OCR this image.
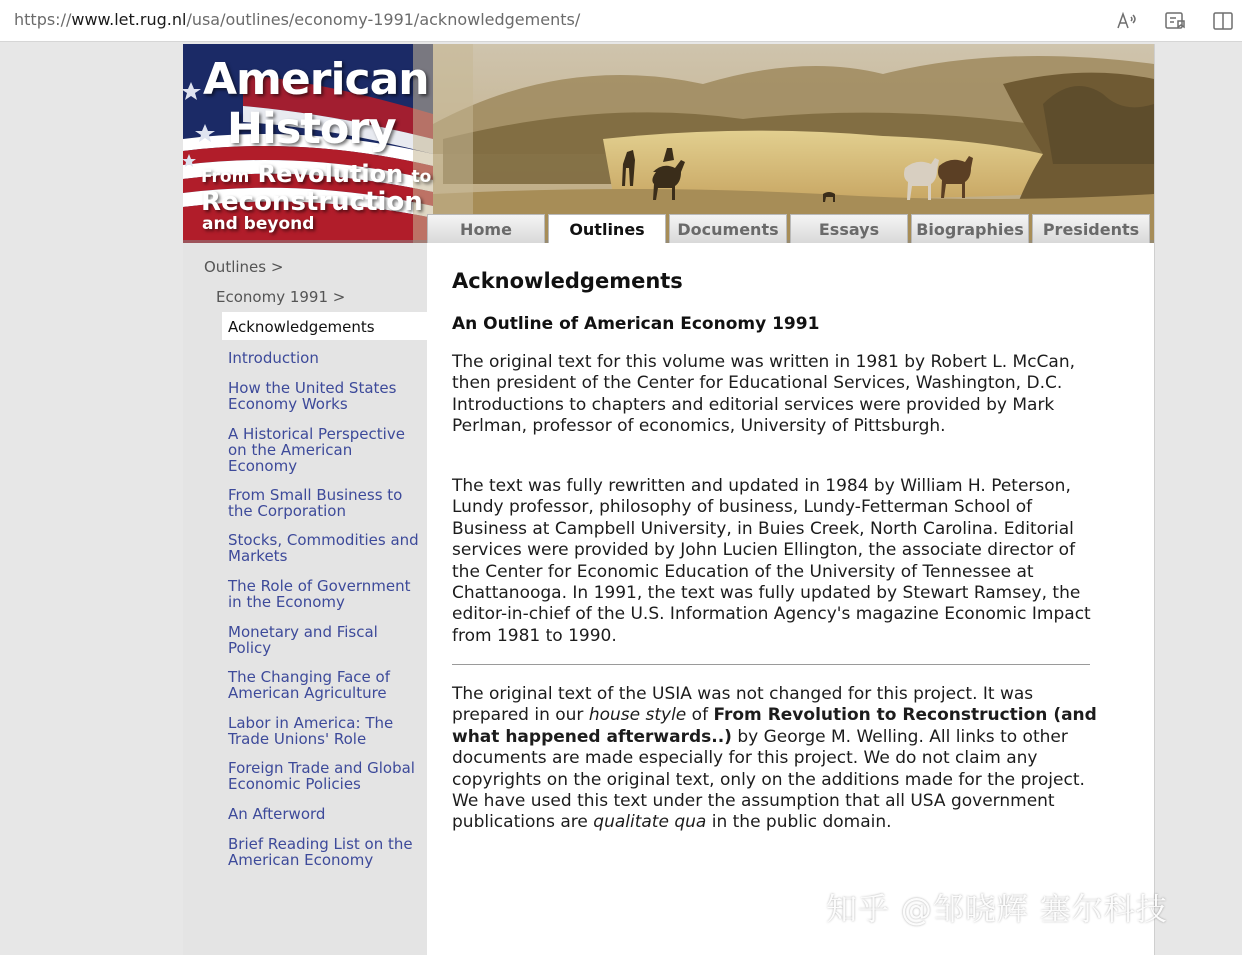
https://www.let.rug.nl/usa/outlines/economy-1991/acknowledgements/
American
History
From Revolution to
Reconstruction
and beyond	Home	Outlines	Documents	Essays	Biographies	Presidents
Outlines >
Economy 1991 >
Acknowledgements
Introduction
How the United States Economy Works
A Historical Perspective on the American Economy
From Small Business to the Corporation
Stocks, Commodities and Markets
The Role of Government in the Economy
Monetary and Fiscal Policy
The Changing Face of American Agriculture
Labor in America: The Trade Unions' Role
Foreign Trade and Global Economic Policies
An Afterword
Brief Reading List on the American Economy
Acknowledgements
An Outline of American Economy 1991
The original text for this volume was written in 1981 by Robert L. McCan, then president of the Center for Educational Services, Washington, D.C. Introductions to chapters and editorial services were provided by Mark Perlman, professor of economics, University of Pittsburgh.
The text was fully rewritten and updated in 1984 by William H. Peterson, Lundy professor, philosophy of business, Lundy-Fetterman School of Business at Campbell University, in Buies Creek, North Carolina. Editorial services were provided by John Lucien Ellington, the associate director of the Center for Economic Education of the University of Tennessee at Chattanooga. In 1991, the text was fully updated by Stewart Ramsey, the editor-in-chief of the U.S. Information Agency's magazine Economic Impact from 1981 to 1990.
The original text of the USIA was not changed for this project. It was prepared in our house style of From Revolution to Reconstruction (and what happened afterwards..) by George M. Welling. All links to other documents are made especially for this project. We do not claim any copyrights on the original text, only on the additions made for the project. We have used this text under the assumption that all USA government publications are qualitate qua in the public domain.
知乎 @邹晓辉 塞尔科技
